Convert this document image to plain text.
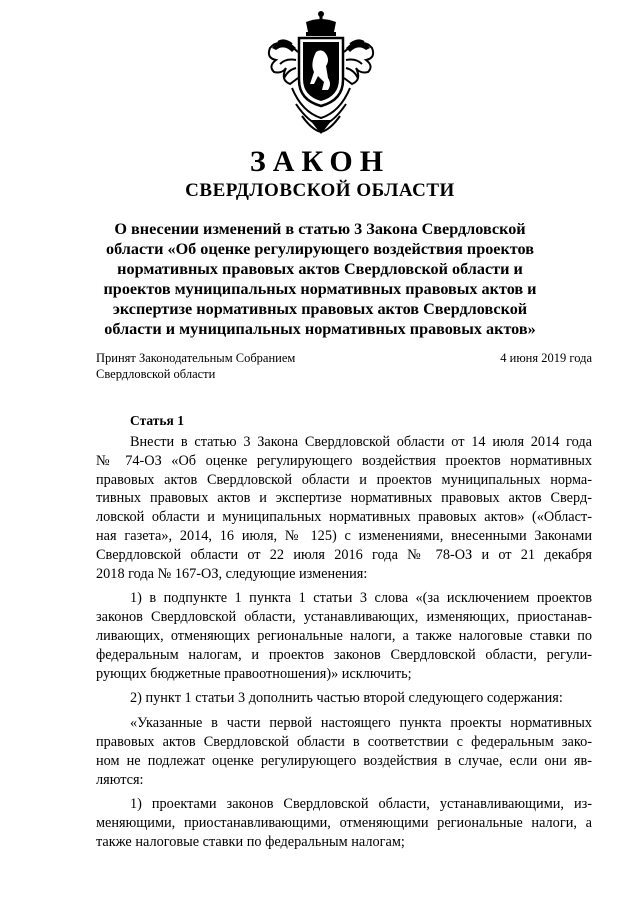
ЗАКОН
СВЕРДЛОВСКОЙ ОБЛАСТИ
О внесении изменений в статью 3 Закона Свердловской
области «Об оценке регулирующего воздействия проектов
нормативных правовых актов Свердловской области и
проектов муниципальных нормативных правовых актов и
экспертизе нормативных правовых актов Свердловской
области и муниципальных нормативных правовых актов»
Принят Законодательным Собранием
Свердловской области
4 июня 2019 года
Статья 1
Внести в статью 3 Закона Свердловской области от 14 июля 2014 года
№ 74-ОЗ «Об оценке регулирующего воздействия проектов нормативных
правовых актов Свердловской области и проектов муниципальных норма-
тивных правовых актов и экспертизе нормативных правовых актов Сверд-
ловской области и муниципальных нормативных правовых актов» («Област-
ная газета», 2014, 16 июля, № 125) с изменениями, внесенными Законами
Свердловской области от 22 июля 2016 года № 78-ОЗ и от 21 декабря
2018 года № 167-ОЗ, следующие изменения:
1) в подпункте 1 пункта 1 статьи 3 слова «(за исключением проектов
законов Свердловской области, устанавливающих, изменяющих, приостанав-
ливающих, отменяющих региональные налоги, а также налоговые ставки по
федеральным налогам, и проектов законов Свердловской области, регули-
рующих бюджетные правоотношения)» исключить;
2) пункт 1 статьи 3 дополнить частью второй следующего содержания:
«Указанные в части первой настоящего пункта проекты нормативных
правовых актов Свердловской области в соответствии с федеральным зако-
ном не подлежат оценке регулирующего воздействия в случае, если они яв-
ляются:
1) проектами законов Свердловской области, устанавливающими, из-
меняющими, приостанавливающими, отменяющими региональные налоги, а
также налоговые ставки по федеральным налогам;
